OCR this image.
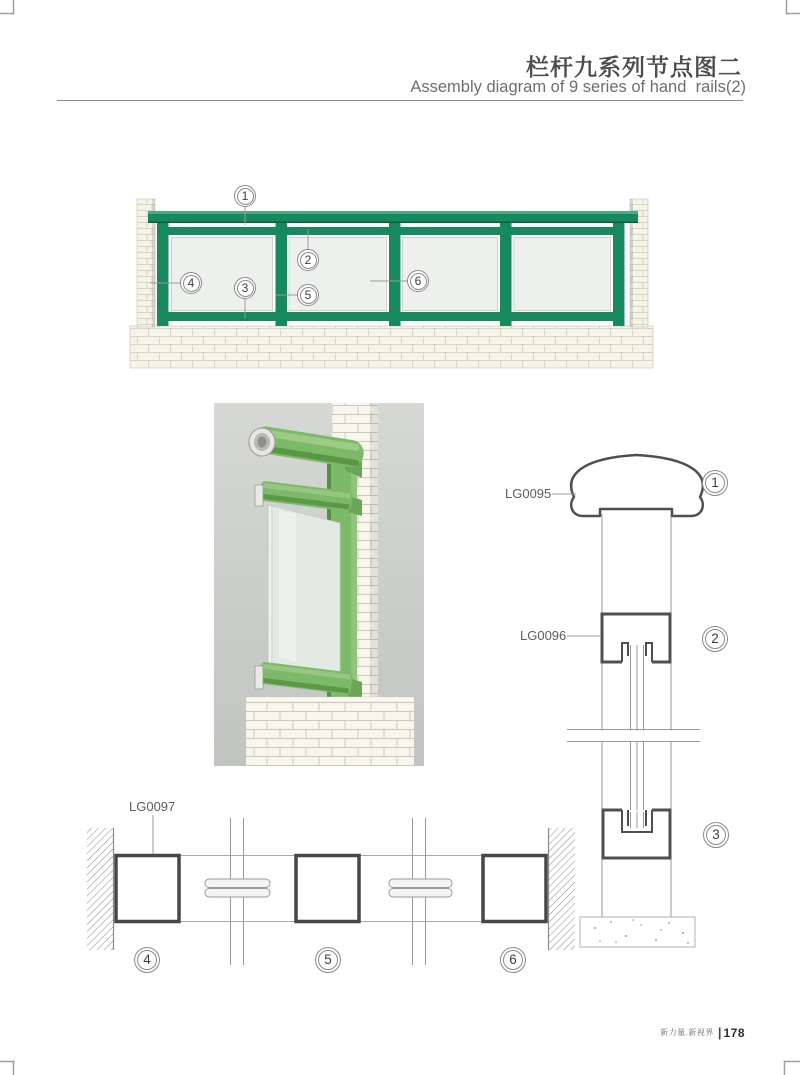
栏杆九系列节点图二
Assembly diagram of 9 series of hand  rails(2)
LG0095
LG0096
LG0097
1
2
3
4
5
6
1
2
3
4	5	6
新力量.新视界 | 178
